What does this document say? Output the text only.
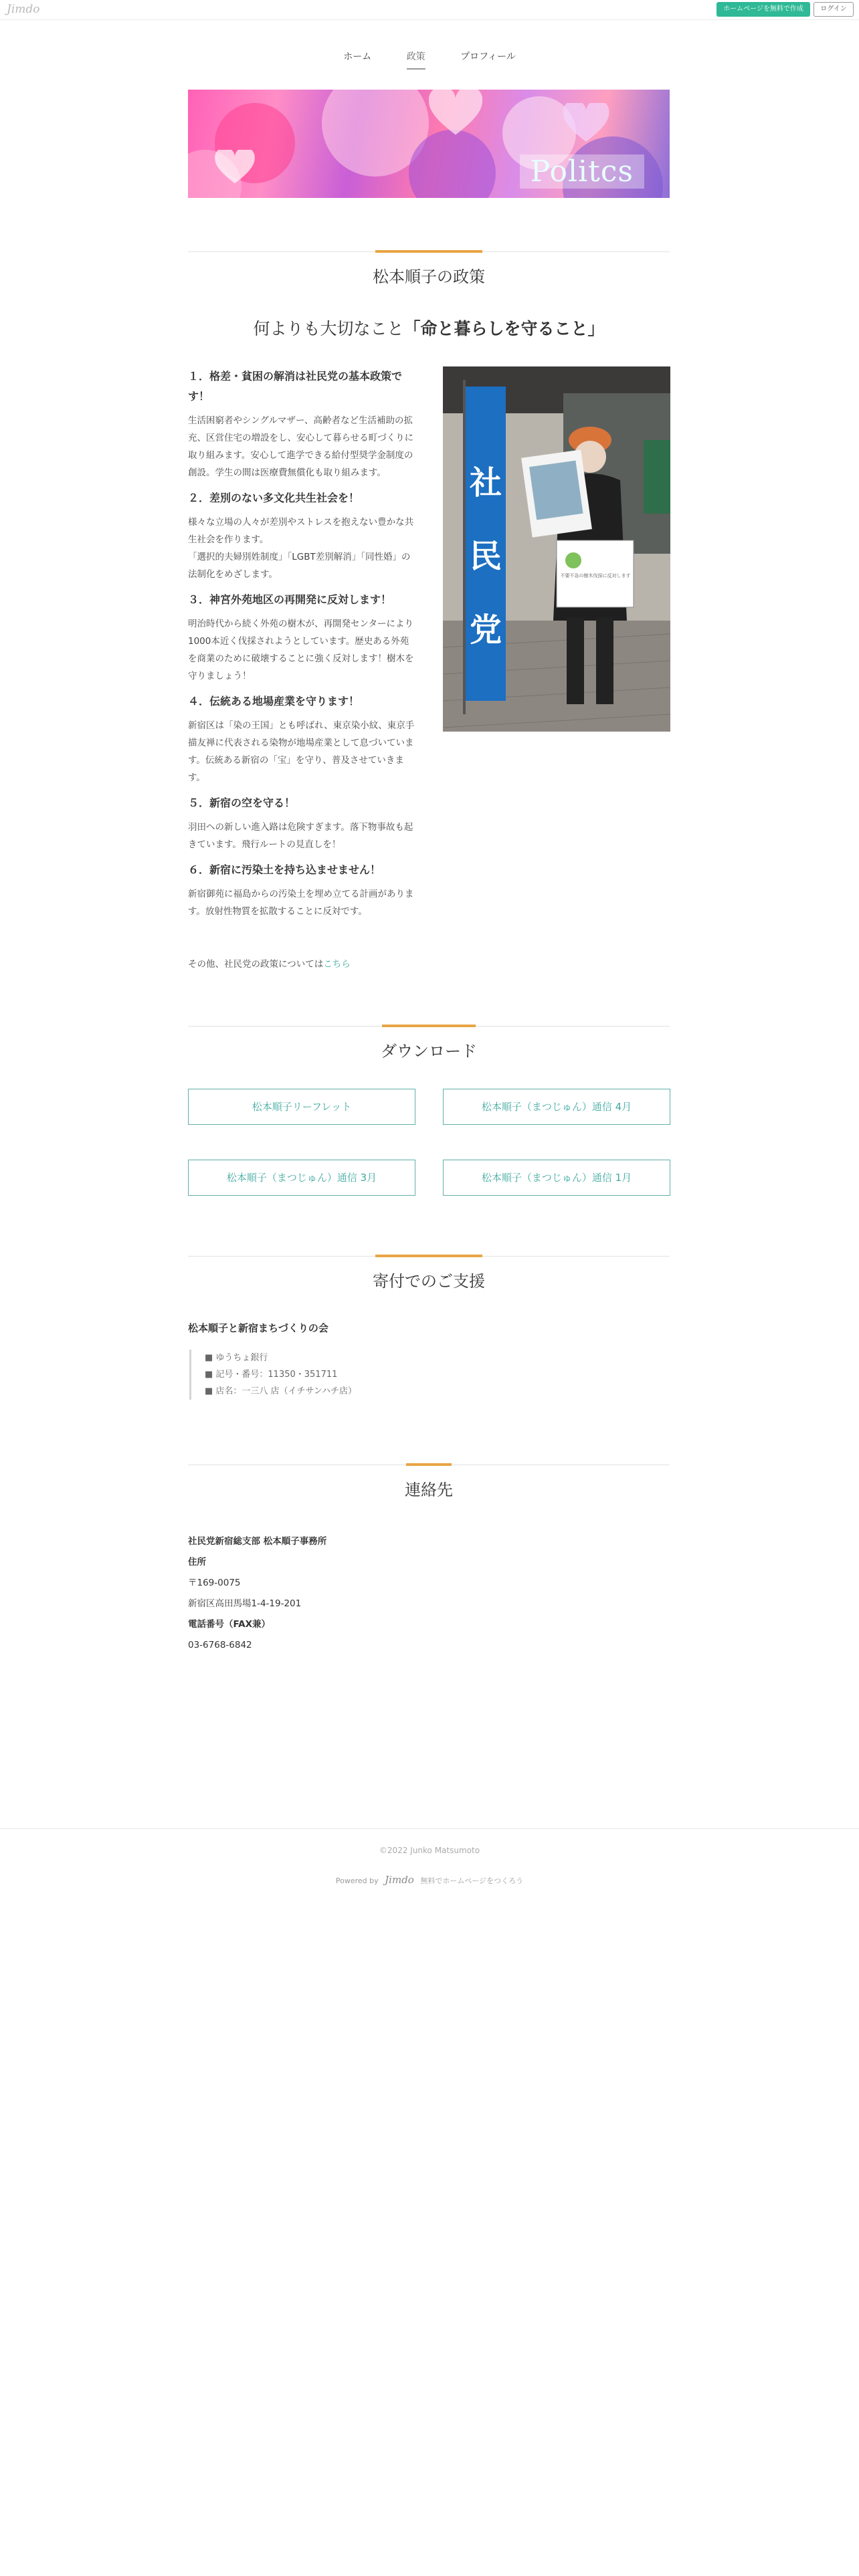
Jimdo	ホームページを無料で作成	ログイン
ホーム	政策	プロフィール
Politcs
松本順子の政策
何よりも大切なこと「命と暮らしを守ること」
１．格差・貧困の解消は社民党の基本政策です！

生活困窮者やシングルマザー、高齢者など生活補助の拡充、区営住宅の増設をし、安心して暮らせる町づくりに取り組みます。安心して進学できる給付型奨学金制度の創設。学生の間は医療費無償化も取り組みます。

２．差別のない多文化共生社会を！

様々な立場の人々が差別やストレスを抱えない豊かな共生社会を作ります。
「選択的夫婦別姓制度」「LGBT差別解消」「同性婚」の法制化をめざします。

３．神宮外苑地区の再開発に反対します！

明治時代から続く外苑の樹木が、再開発センターにより1000本近く伐採されようとしています。歴史ある外苑を商業のために破壊することに強く反対します！樹木を守りましょう！

４．伝統ある地場産業を守ります！

新宿区は「染の王国」とも呼ばれ、東京染小紋、東京手描友禅に代表される染物が地場産業として息づいています。伝統ある新宿の「宝」を守り、普及させていきます。

５．新宿の空を守る！

羽田への新しい進入路は危険すぎます。落下物事故も起きています。飛行ルートの見直しを！

６．新宿に汚染土を持ち込ませません！

新宿御苑に福島からの汚染土を埋め立てる計画があります。放射性物質を拡散することに反対です。

社
民
党
不要不急の樹木伐採に反対します
その他、社民党の政策についてはこちら
ダウンロード
松本順子リーフレット	松本順子（まつじゅん）通信 4月
松本順子（まつじゅん）通信 3月	松本順子（まつじゅん）通信 1月
寄付でのご支援
松本順子と新宿まちづくりの会
■ ゆうちょ銀行
■ 記号・番号：11350・351711
■ 店名：一三八 店（イチサンハチ店）
連絡先
社民党新宿総支部 松本順子事務所
住所
〒169-0075
新宿区高田馬場1-4-19-201
電話番号（FAX兼）
03-6768-6842
©2022 Junko Matsumoto
Powered by Jimdo 無料でホームページをつくろう
